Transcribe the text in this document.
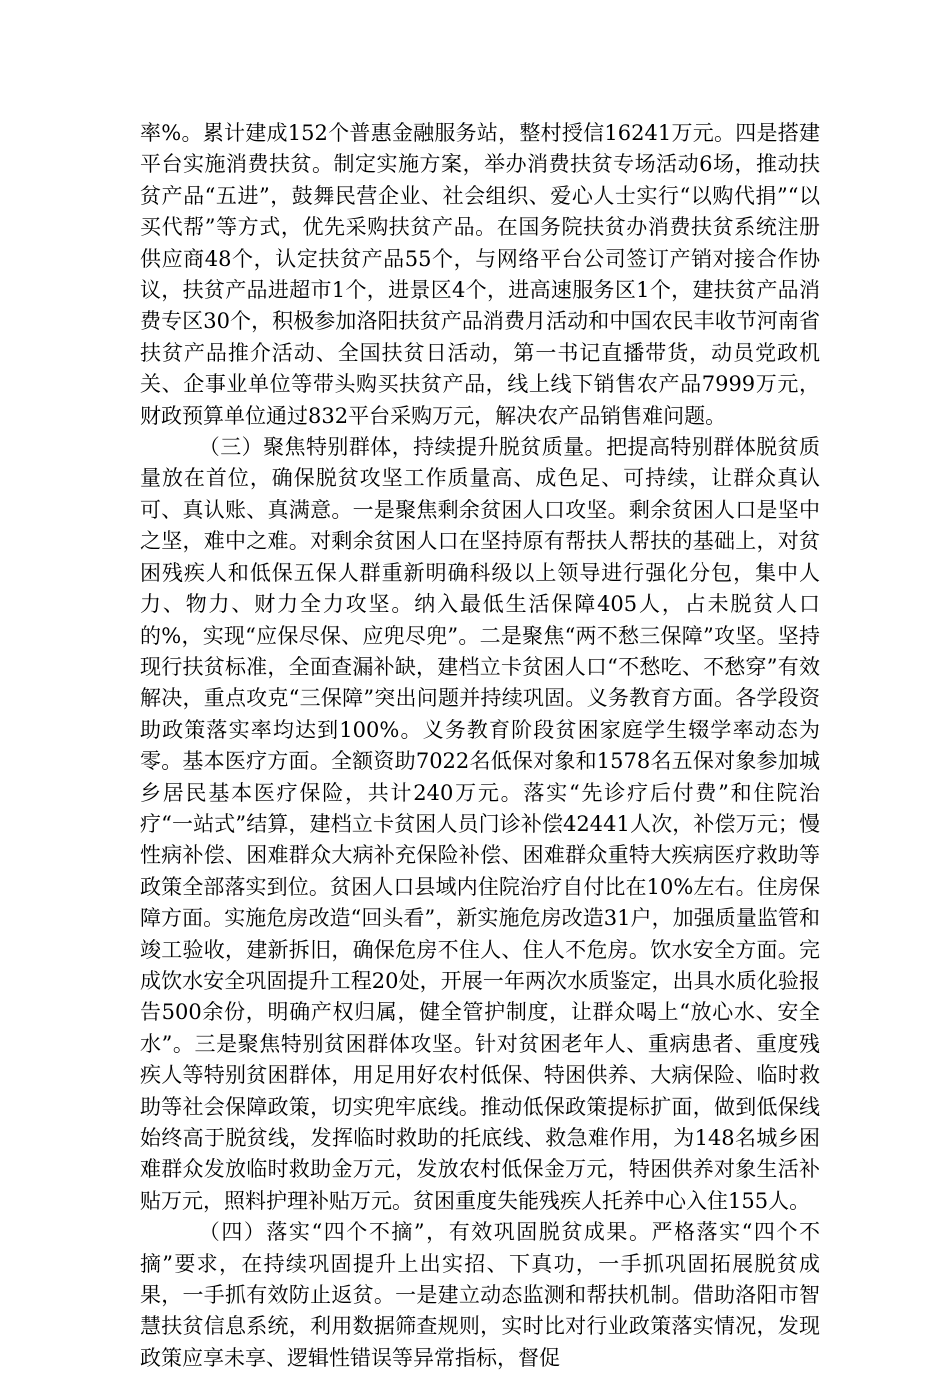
率%。累计建成152个普惠金融服务站，整村授信16241万元。四是搭建平台实施消费扶贫。制定实施方案，举办消费扶贫专场活动6场，推动扶贫产品“五进”，鼓舞民营企业、社会组织、爱心人士实行“以购代捐”“以买代帮”等方式，优先采购扶贫产品。在国务院扶贫办消费扶贫系统注册供应商48个，认定扶贫产品55个，与网络平台公司签订产销对接合作协议，扶贫产品进超市1个，进景区4个，进高速服务区1个，建扶贫产品消费专区30个，积极参加洛阳扶贫产品消费月活动和中国农民丰收节河南省扶贫产品推介活动、全国扶贫日活动，第一书记直播带货，动员党政机关、企事业单位等带头购买扶贫产品，线上线下销售农产品7999万元，财政预算单位通过832平台采购万元，解决农产品销售难问题。

（三）聚焦特别群体，持续提升脱贫质量。把提高特别群体脱贫质量放在首位，确保脱贫攻坚工作质量高、成色足、可持续，让群众真认可、真认账、真满意。一是聚焦剩余贫困人口攻坚。剩余贫困人口是坚中之坚，难中之难。对剩余贫困人口在坚持原有帮扶人帮扶的基础上，对贫困残疾人和低保五保人群重新明确科级以上领导进行强化分包，集中人力、物力、财力全力攻坚。纳入最低生活保障405人，占未脱贫人口的%，实现“应保尽保、应兜尽兜”。二是聚焦“两不愁三保障”攻坚。坚持现行扶贫标准，全面查漏补缺，建档立卡贫困人口“不愁吃、不愁穿”有效解决，重点攻克“三保障”突出问题并持续巩固。义务教育方面。各学段资助政策落实率均达到100%。义务教育阶段贫困家庭学生辍学率动态为零。基本医疗方面。全额资助7022名低保对象和1578名五保对象参加城乡居民基本医疗保险，共计240万元。落实“先诊疗后付费”和住院治疗“一站式”结算，建档立卡贫困人员门诊补偿42441人次，补偿万元；慢性病补偿、困难群众大病补充保险补偿、困难群众重特大疾病医疗救助等政策全部落实到位。贫困人口县域内住院治疗自付比在10%左右。住房保障方面。实施危房改造“回头看”，新实施危房改造31户，加强质量监管和竣工验收，建新拆旧，确保危房不住人、住人不危房。饮水安全方面。完成饮水安全巩固提升工程20处，开展一年两次水质鉴定，出具水质化验报告500余份，明确产权归属，健全管护制度，让群众喝上“放心水、安全水”。三是聚焦特别贫困群体攻坚。针对贫困老年人、重病患者、重度残疾人等特别贫困群体，用足用好农村低保、特困供养、大病保险、临时救助等社会保障政策，切实兜牢底线。推动低保政策提标扩面，做到低保线始终高于脱贫线，发挥临时救助的托底线、救急难作用，为148名城乡困难群众发放临时救助金万元，发放农村低保金万元，特困供养对象生活补贴万元，照料护理补贴万元。贫困重度失能残疾人托养中心入住155人。

（四）落实“四个不摘”，有效巩固脱贫成果。严格落实“四个不摘”要求，在持续巩固提升上出实招、下真功，一手抓巩固拓展脱贫成果，一手抓有效防止返贫。一是建立动态监测和帮扶机制。借助洛阳市智慧扶贫信息系统，利用数据筛查规则，实时比对行业政策落实情况，发现政策应享未享、逻辑性错误等异常指标，督促
